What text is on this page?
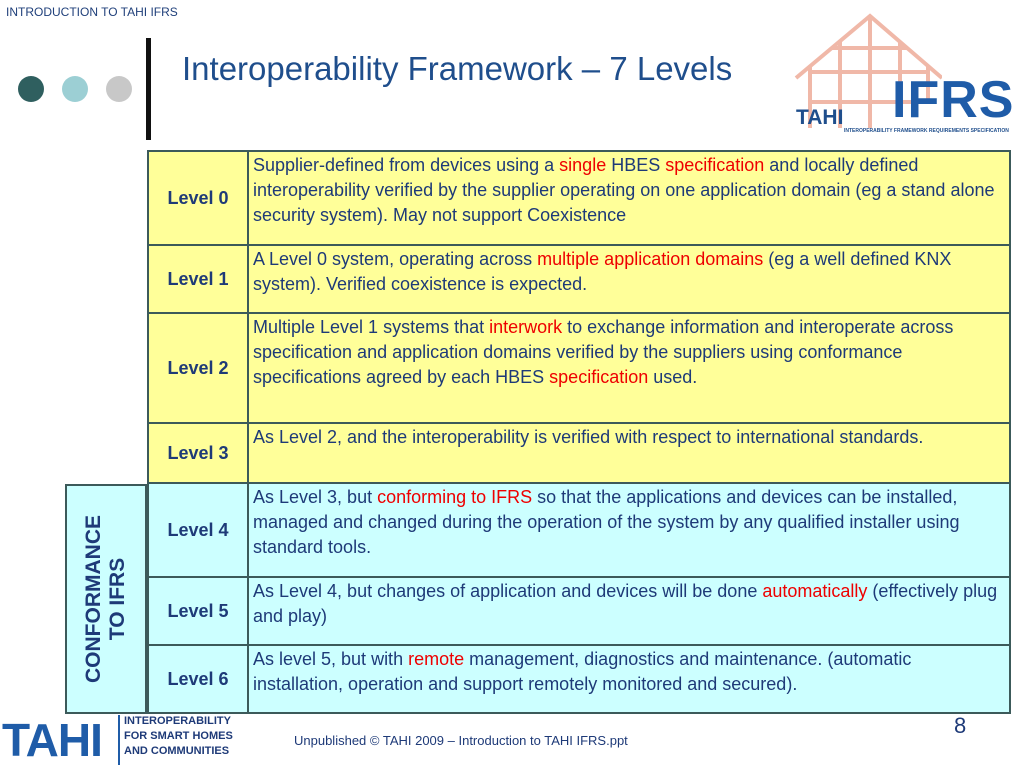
INTRODUCTION TO TAHI IFRS
Interoperability Framework – 7 Levels
TAHI IFRS
INTEROPERABILITY FRAMEWORK REQUIREMENTS SPECIFICATION
CONFORMANCE TO IFRS
Level 0	Supplier-defined from devices using a single HBES specification and locally defined interoperability verified by the supplier operating on one application domain (eg a stand alone security system). May not support Coexistence
Level 1	A Level 0 system, operating across multiple application domains (eg a well defined KNX system). Verified coexistence is expected.
Level 2	Multiple Level 1 systems that interwork to exchange information and interoperate across specification and application domains verified by the suppliers using conformance specifications agreed by each HBES specification used.
Level 3	As Level 2, and the interoperability is verified with respect to international standards.
Level 4	As Level 3, but conforming to IFRS so that the applications and devices can be installed, managed and changed during the operation of the system by any qualified installer using standard tools.
Level 5	As Level 4, but changes of application and devices will be done automatically (effectively plug and play)
Level 6	As level 5, but with remote management, diagnostics and maintenance. (automatic installation, operation and support remotely monitored and secured).
TAHI INTEROPERABILITY
FOR SMART HOMES
AND COMMUNITIES
Unpublished © TAHI 2009 – Introduction to TAHI IFRS.ppt
8
